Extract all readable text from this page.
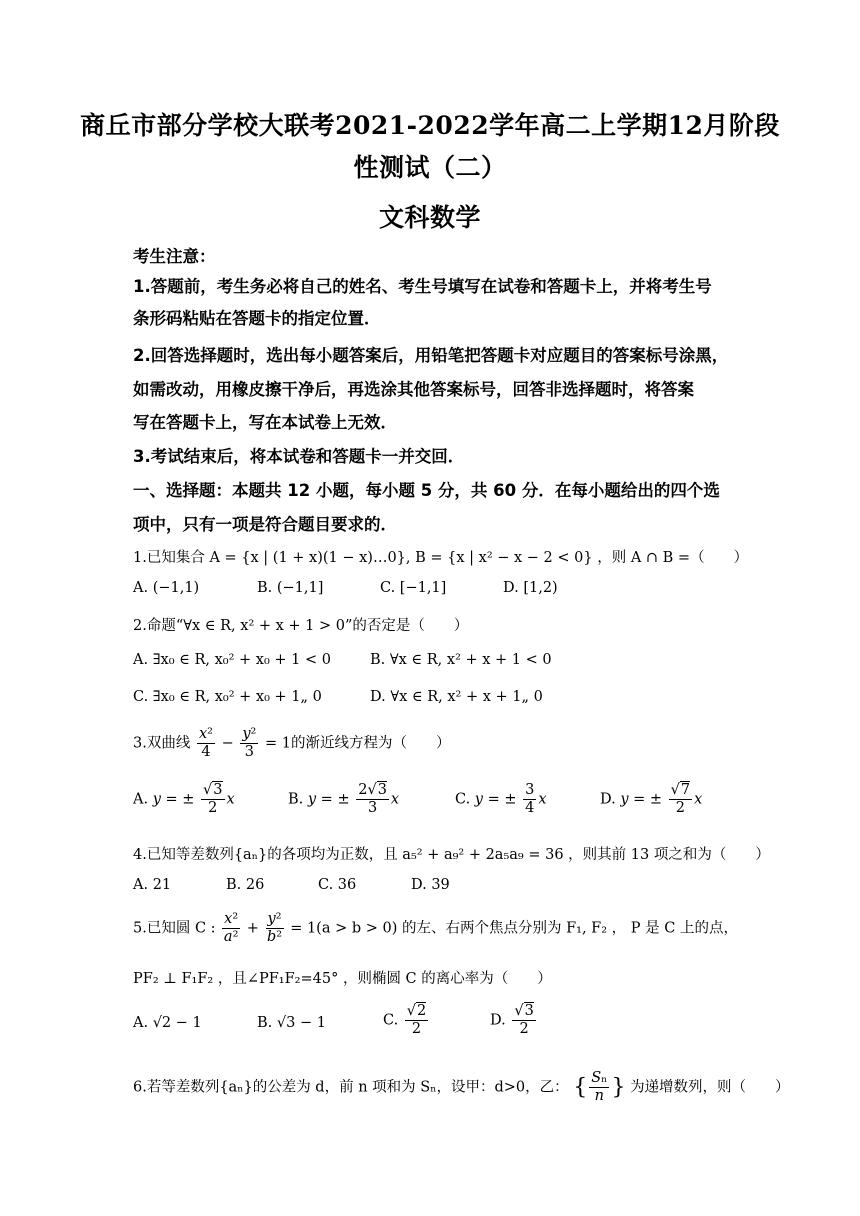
商丘市部分学校大联考2021-2022学年高二上学期12月阶段
性测试（二）
文科数学
考生注意：
1.答题前，考生务必将自己的姓名、考生号填写在试卷和答题卡上，并将考生号
条形码粘贴在答题卡的指定位置．
2.回答选择题时，选出每小题答案后，用铅笔把答题卡对应题目的答案标号涂黑，
如需改动，用橡皮擦干净后，再选涂其他答案标号，回答非选择题时，将答案
写在答题卡上，写在本试卷上无效．
3.考试结束后，将本试卷和答题卡一并交回．
一、选择题：本题共 12 小题，每小题 5 分，共 60 分．在每小题给出的四个选
项中，只有一项是符合题目要求的．
1.已知集合 A = {x | (1 + x)(1 − x)…0}, B = {x | x² − x − 2 < 0} ，则 A ∩ B =（　　）
A. (−1,1)	B. (−1,1]	C. [−1,1]	D. [1,2)
2.命题“∀x ∈ R, x² + x + 1 > 0”的否定是（　　）
A. ∃x₀ ∈ R, x₀² + x₀ + 1 < 0	B. ∀x ∈ R, x² + x + 1 < 0
C. ∃x₀ ∈ R, x₀² + x₀ + 1„ 0	D. ∀x ∈ R, x² + x + 1„ 0
3.双曲线 $\frac{\text{x²}}{4} - \frac{\text{y²}}{3} = 1$的渐近线方程为（　　）
A. y = ± $\frac{√3}{2}$ x	B. y = ± $\frac{2√3}{3}$ x	C. y = ± $\frac{3}{4}$ x	D. y = ± $\frac{√7}{2}$ x
4.已知等差数列{aₙ}的各项均为正数，且 a₅² + a₉² + 2a₅a₉ = 36 ，则其前 13 项之和为（　　）
A. 21	B. 26	C. 36	D. 39
5.已知圆 C : $\frac{\text{x²}}{\text{a²}} + \frac{\text{y²}}{\text{b²}} = 1(a > b > 0)$ 的左、右两个焦点分别为 F₁, F₂ ， P 是 C 上的点，
PF₂ ⊥ F₁F₂ ，且∠PF₁F₂=45° ，则椭圆 C 的离心率为（　　）
A. √2 − 1	B. √3 − 1	C. $\frac{√2}{2}$	D. $\frac{√3}{2}$
6.若等差数列{aₙ}的公差为 d，前 n 项和为 Sₙ，设甲：d>0，乙： { $\frac{\text{Sₙ}}{n}$ } 为递增数列，则（　　）
